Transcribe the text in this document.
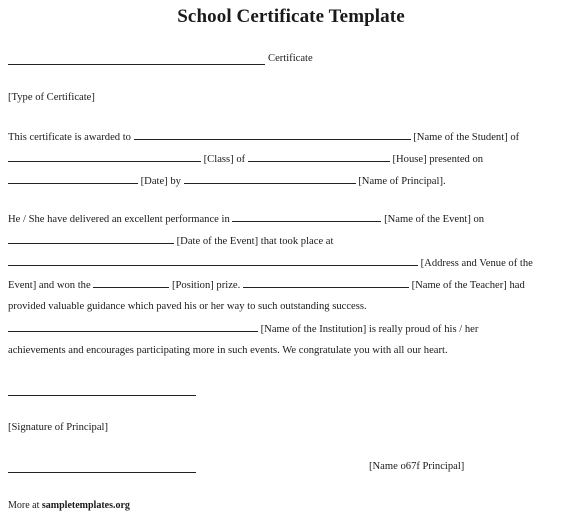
School Certificate Template
Certificate
[Type of Certificate]
This certificate is awarded to	[Name of the Student] of
[Class] of	[House] presented on
[Date] by	[Name of Principal].
He / She have delivered an excellent performance in	[Name of the Event] on
[Date of the Event] that took place at
[Address and Venue of the
Event] and won the	[Position] prize.	[Name of the Teacher] had
provided valuable guidance which paved his or her way to such outstanding success.
[Name of the Institution] is really proud of his / her
achievements and encourages participating more in such events. We congratulate you with all our heart.
[Signature of Principal]
[Name o67f Principal]
More at sampletemplates.org
